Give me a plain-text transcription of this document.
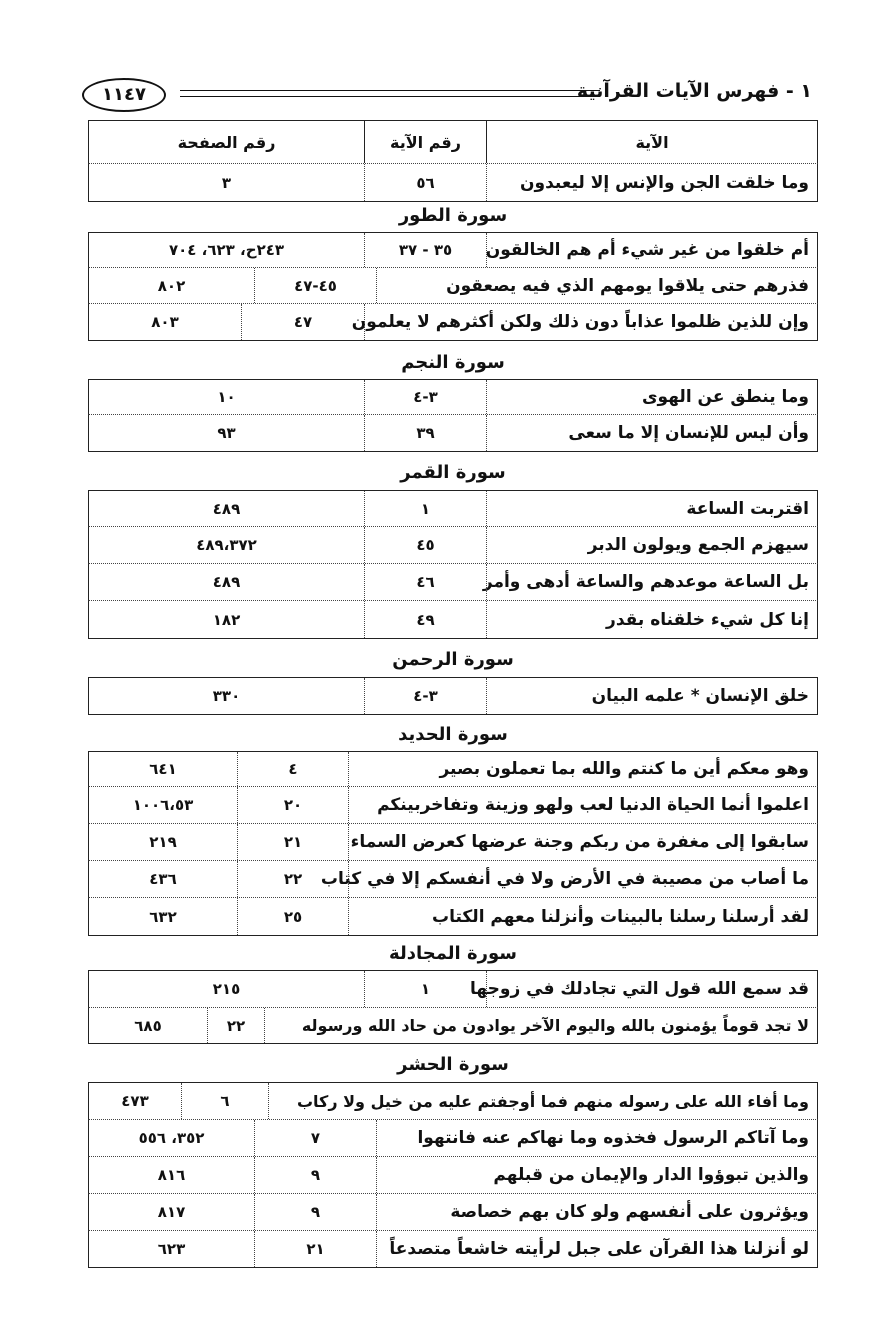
١ - فهرس الآيات القرآنية
١١٤٧
الآية
رقم الآية
رقم الصفحة
وما خلقت الجن والإنس إلا ليعبدون
٥٦
٣
سورة الطور
أم خلقوا من غير شيء أم هم الخالقون
٣٥ - ٣٧
٢٤٣ح، ٦٢٣، ٧٠٤
فذرهم حتى يلاقوا يومهم الذي فيه يصعقون
٤٥-٤٧
٨٠٢
وإن للذين ظلموا عذاباً دون ذلك ولكن أكثرهم لا يعلمون
٤٧
٨٠٣
سورة النجم
وما ينطق عن الهوى
٣-٤
١٠
وأن ليس للإنسان إلا ما سعى
٣٩
٩٣
سورة القمر
اقتربت الساعة
١
٤٨٩
سيهزم الجمع ويولون الدبر
٤٥
٤٨٩،٣٧٢
بل الساعة موعدهم والساعة أدهى وأمر
٤٦
٤٨٩
إنا كل شيء خلقناه بقدر
٤٩
١٨٢
سورة الرحمن
خلق الإنسان * علمه البيان
٣-٤
٣٣٠
سورة الحديد
وهو معكم أين ما كنتم والله بما تعملون بصير
٤
٦٤١
اعلموا أنما الحياة الدنيا لعب ولهو وزينة وتفاخربينكم
٢٠
١٠٠٦،٥٣
سابقوا إلى مغفرة من ربكم وجنة عرضها كعرض السماء
٢١
٢١٩
ما أصاب من مصيبة في الأرض ولا في أنفسكم إلا في كتاب
٢٢
٤٣٦
لقد أرسلنا رسلنا بالبينات وأنزلنا معهم الكتاب
٢٥
٦٣٢
سورة المجادلة
قد سمع الله قول التي تجادلك في زوجها
١
٢١٥
لا تجد قوماً يؤمنون بالله واليوم الآخر يوادون من حاد الله ورسوله
٢٢
٦٨٥
سورة الحشر
وما أفاء الله على رسوله منهم فما أوجفتم عليه من خيل ولا ركاب
٦
٤٧٣
وما آتاكم الرسول فخذوه وما نهاكم عنه فانتهوا
٧
٣٥٢، ٥٥٦
والذين تبوؤوا الدار والإيمان من قبلهم
٩
٨١٦
ويؤثرون على أنفسهم ولو كان بهم خصاصة
٩
٨١٧
لو أنزلنا هذا القرآن على جبل لرأيته خاشعاً متصدعاً
٢١
٦٢٣
